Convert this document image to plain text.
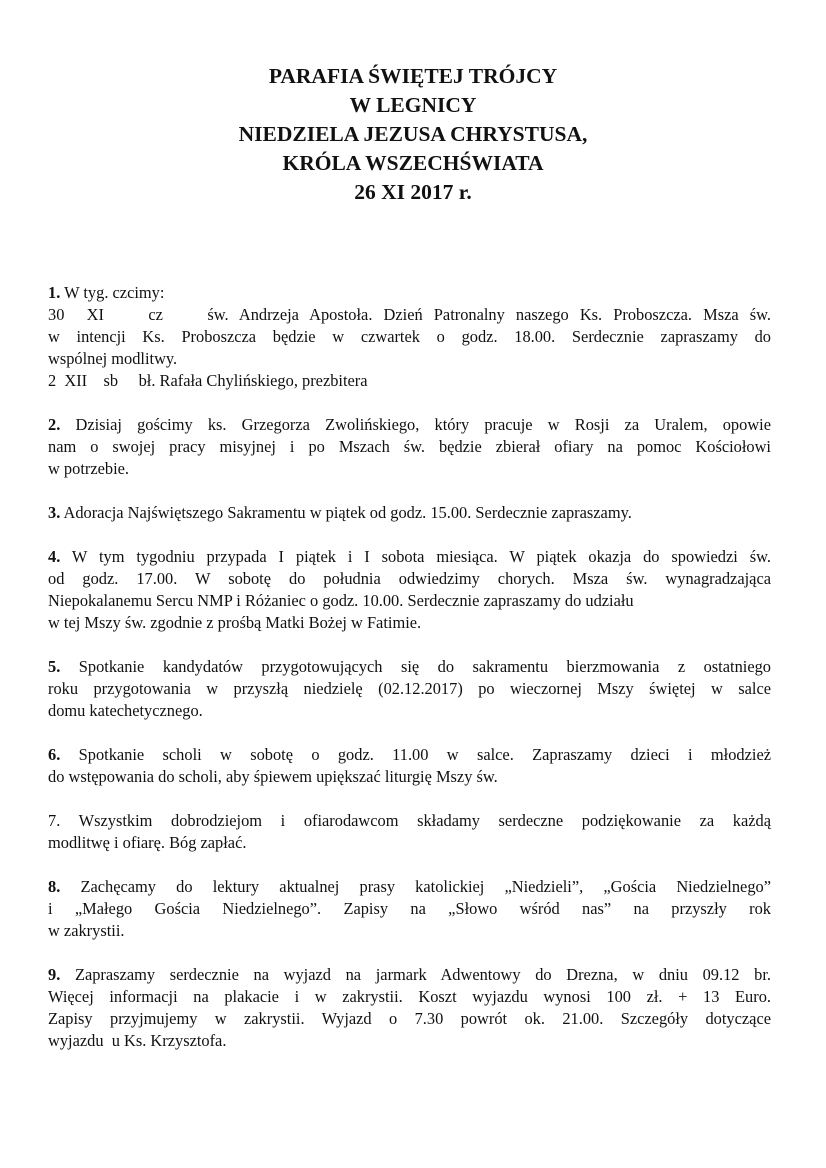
PARAFIA ŚWIĘTEJ TRÓJCY
W LEGNICY
NIEDZIELA JEZUSA CHRYSTUSA,
KRÓLA WSZECHŚWIATA
26 XI 2017 r.
1. W tyg. czcimy:
30  XI    cz    św. Andrzeja Apostoła. Dzień Patronalny naszego Ks. Proboszcza. Msza św.
w intencji Ks. Proboszcza będzie w czwartek o godz. 18.00. Serdecznie zapraszamy do
wspólnej modlitwy.
2  XII    sb     bł. Rafała Chylińskiego, prezbitera
2. Dzisiaj gościmy ks. Grzegorza Zwolińskiego, który pracuje w Rosji za Uralem, opowie
nam o swojej pracy misyjnej i po Mszach św. będzie zbierał ofiary na pomoc Kościołowi
w potrzebie.
3. Adoracja Najświętszego Sakramentu w piątek od godz. 15.00. Serdecznie zapraszamy.
4. W tym tygodniu przypada I piątek i I sobota miesiąca. W piątek okazja do spowiedzi św.
od godz. 17.00. W sobotę do południa odwiedzimy chorych. Msza św. wynagradzająca
Niepokalanemu Sercu NMP i Różaniec o godz. 10.00. Serdecznie zapraszamy do udziału
w tej Mszy św. zgodnie z prośbą Matki Bożej w Fatimie.
5. Spotkanie kandydatów przygotowujących się do sakramentu bierzmowania z ostatniego
roku przygotowania w przyszłą niedzielę (02.12.2017) po wieczornej Mszy świętej w salce
domu katechetycznego.
6. Spotkanie scholi w sobotę o godz. 11.00 w salce. Zapraszamy dzieci i młodzież
do wstępowania do scholi, aby śpiewem upiększać liturgię Mszy św.
7. Wszystkim dobrodziejom i ofiarodawcom składamy serdeczne podziękowanie za każdą
modlitwę i ofiarę. Bóg zapłać.
8. Zachęcamy do lektury aktualnej prasy katolickiej „Niedzieli”, „Gościa Niedzielnego”
i „Małego Gościa Niedzielnego”. Zapisy na „Słowo wśród nas” na przyszły rok
w zakrystii.
9. Zapraszamy serdecznie na wyjazd na jarmark Adwentowy do Drezna, w dniu 09.12 br.
Więcej informacji na plakacie i w zakrystii. Koszt wyjazdu wynosi 100 zł. + 13 Euro.
Zapisy przyjmujemy w zakrystii. Wyjazd o 7.30 powrót ok. 21.00. Szczegóły dotyczące
wyjazdu  u Ks. Krzysztofa.
